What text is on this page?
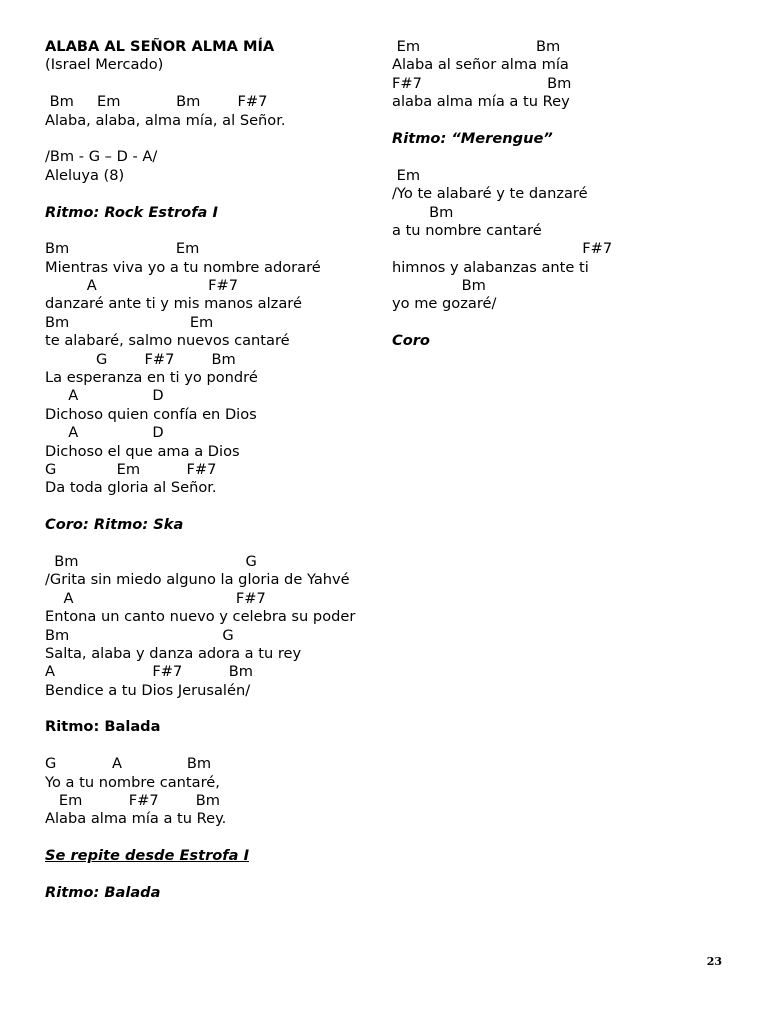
ALABA AL SEÑOR ALMA MÍA
(Israel Mercado)
Bm     Em            Bm        F#7
Alaba, alaba, alma mía, al Señor.
/Bm - G – D - A/
Aleluya (8)
Ritmo: Rock Estrofa I
Bm                       Em
Mientras viva yo a tu nombre adoraré
A                        F#7
danzaré ante ti y mis manos alzaré
Bm                          Em
te alabaré, salmo nuevos cantaré
G        F#7        Bm
La esperanza en ti yo pondré
A                D
Dichoso quien confía en Dios
A                D
Dichoso el que ama a Dios
G             Em          F#7
Da toda gloria al Señor.
Coro: Ritmo: Ska
Bm                                    G
/Grita sin miedo alguno la gloria de Yahvé
A                                   F#7
Entona un canto nuevo y celebra su poder
Bm                                 G
Salta, alaba y danza adora a tu rey
A                     F#7          Bm
Bendice a tu Dios Jerusalén/
Ritmo: Balada
G            A              Bm
Yo a tu nombre cantaré,
Em          F#7        Bm
Alaba alma mía a tu Rey.
Se repite desde Estrofa I
Ritmo: Balada
Em                         Bm
Alaba al señor alma mía
F#7                           Bm
alaba alma mía a tu Rey
Ritmo: “Merengue”
Em
/Yo te alabaré y te danzaré
Bm
a tu nombre cantaré
F#7
himnos y alabanzas ante ti
Bm
yo me gozaré/
Coro
23
